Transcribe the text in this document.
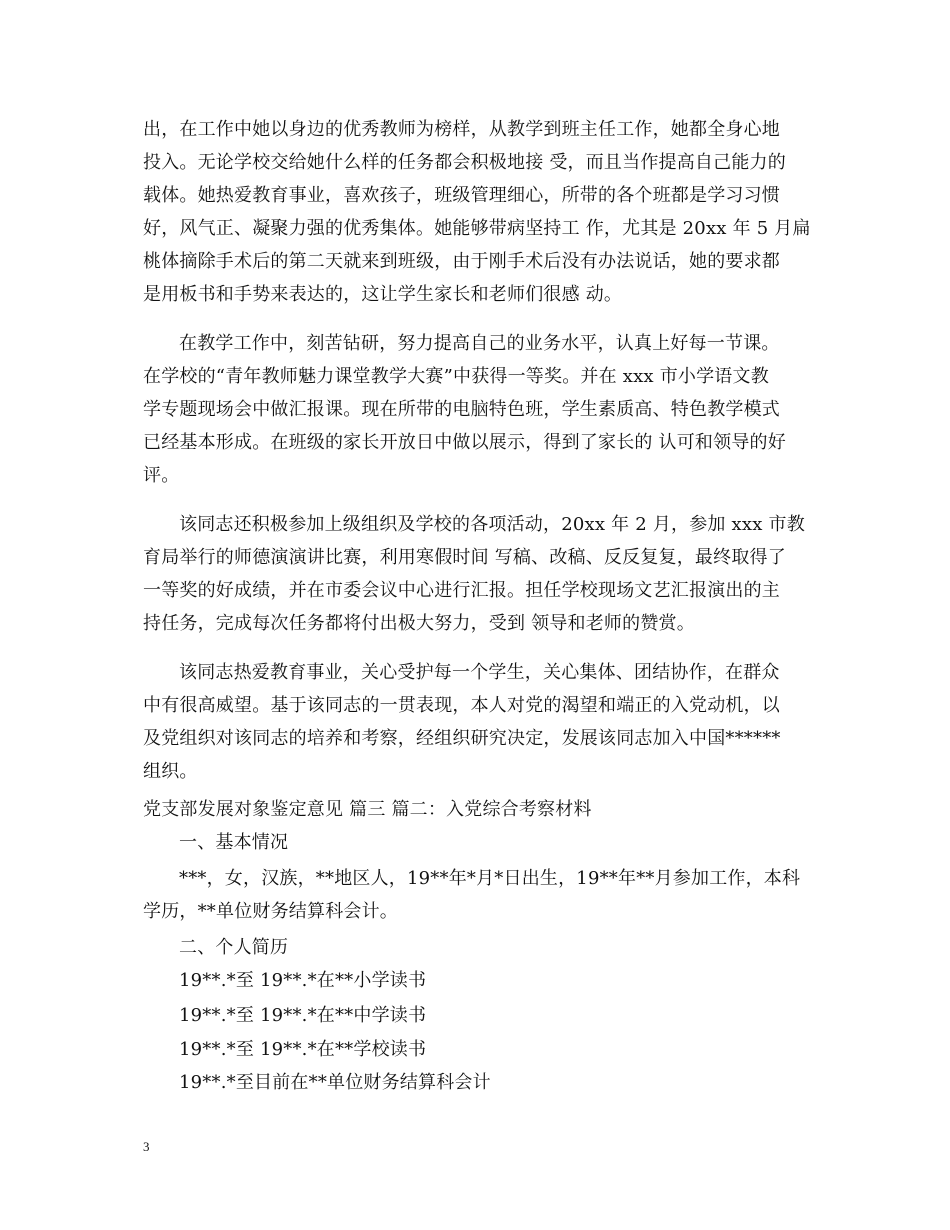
出，在工作中她以身边的优秀教师为榜样，从教学到班主任工作，她都全身心地
投入。无论学校交给她什么样的任务都会积极地接 受，而且当作提高自己能力的
载体。她热爱教育事业，喜欢孩子，班级管理细心，所带的各个班都是学习习惯
好，风气正、凝聚力强的优秀集体。她能够带病坚持工 作，尤其是 20xx 年 5 月扁
桃体摘除手术后的第二天就来到班级，由于刚手术后没有办法说话，她的要求都
是用板书和手势来表达的，这让学生家长和老师们很感 动。
在教学工作中，刻苦钻研，努力提高自己的业务水平，认真上好每一节课。
在学校的“青年教师魅力课堂教学大赛”中获得一等奖。并在 xxx 市小学语文教
学专题现场会中做汇报课。现在所带的电脑特色班，学生素质高、特色教学模式
已经基本形成。在班级的家长开放日中做以展示，得到了家长的 认可和领导的好
评。
该同志还积极参加上级组织及学校的各项活动，20xx 年 2 月，参加 xxx 市教
育局举行的师德演演讲比赛，利用寒假时间 写稿、改稿、反反复复，最终取得了
一等奖的好成绩，并在市委会议中心进行汇报。担任学校现场文艺汇报演出的主
持任务，完成每次任务都将付出极大努力，受到 领导和老师的赞赏。
该同志热爱教育事业，关心受护每一个学生，关心集体、团结协作，在群众
中有很高威望。基于该同志的一贯表现，本人对党的渴望和端正的入党动机，以
及党组织对该同志的培养和考察，经组织研究决定，发展该同志加入中国******
组织。
党支部发展对象鉴定意见 篇三 篇二：入党综合考察材料
一、基本情况
***，女，汉族，**地区人，19**年*月*日出生，19**年**月参加工作，本科
学历，**单位财务结算科会计。
二、个人简历
19**.*至 19**.*在**小学读书
19**.*至 19**.*在**中学读书
19**.*至 19**.*在**学校读书
19**.*至目前在**单位财务结算科会计
3
